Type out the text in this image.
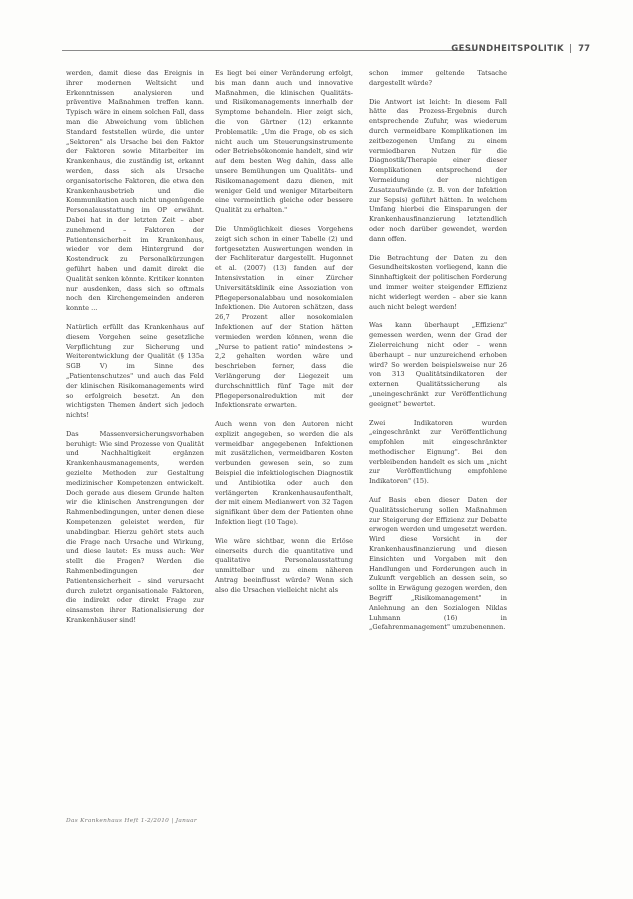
GESUNDHEITSPOLITIK | 77

werden, damit diese das Ereignis in ihrer modernen Weltsicht und Erkenntnissen analysieren und präventive Maßnahmen treffen kann. Typisch wäre in einem solchen Fall, dass man die Abweichung vom üblichen Standard feststellen würde, die unter „Sektoren" als Ursache bei den Faktor der Faktoren sowie Mitarbeiter im Krankenhaus, die zuständig ist, erkannt werden, dass sich als Ursache organisatorische Faktoren, die etwa den Krankenhausbetrieb und die Kommunikation auch nicht ungenügende Personalausstattung im OP erwähnt. Dabei hat in der letzten Zeit – aber zunehmend – Faktoren der Patientensicherheit im Krankenhaus, wieder vor dem Hintergrund der Kostendruck zu Personalkürzungen geführt haben und damit direkt die Qualität senken könnte. Kritiker konnten nur ausdenken, dass sich so oftmals noch den Kirchengemeinden anderen konnte ...

Natürlich erfüllt das Krankenhaus auf diesem Vorgehen seine gesetzliche Verpflichtung zur Sicherung und Weiterentwicklung der Qualität (§ 135a SGB V) im Sinne des „Patientenschutzes" und auch das Feld der klinischen Risikomanagements wird so erfolgreich besetzt. An den wichtigsten Themen ändert sich jedoch nichts!

Das Massenversicherungsvorhaben beruhigt: Wie sind Prozesse von Qualität und Nachhaltigkeit ergänzen Krankenhausmanagements, werden gezielte Methoden zur Gestaltung medizinischer Kompetenzen entwickelt. Doch gerade aus diesem Grunde halten wir die klinischen Anstrengungen der Rahmenbedingungen, unter denen diese Kompetenzen geleistet werden, für unabdingbar. Hierzu gehört stets auch die Frage nach Ursache und Wirkung, und diese lautet: Es muss auch: Wer stellt die Fragen? Werden die Rahmenbedingungen der Patientensicherheit – sind verursacht durch zuletzt organisationale Faktoren, die indirekt oder direkt Frage zur einsamsten ihrer Rationalisierung der Krankenhäuser sind!

Es liegt bei einer Veränderung erfolgt, bis man dann auch und innovative Maßnahmen, die klinischen Qualitäts- und Risikomanagements innerhalb der Symptome behandeln. Hier zeigt sich, die von Gärtner (12) erkannte Problematik: „Um die Frage, ob es sich nicht auch um Steuerungsinstrumente oder Betriebsökonomie handelt, sind wir auf dem besten Weg dahin, dass alle unsere Bemühungen um Qualitäts- und Risikomanagement dazu dienen, mit weniger Geld und weniger Mitarbeitern eine vermeintlich gleiche oder bessere Qualität zu erhalten."

Die Unmöglichkeit dieses Vorgehens zeigt sich schon in einer Tabelle (2) und fortgesetzten Auswertungen wenden in der Fachliteratur dargestellt. Hugonnet et al. (2007) (13) fanden auf der Intensivstation in einer Zürcher Universitätsklinik eine Assoziation von Pflegepersonalabbau und nosokomialen Infektionen. Die Autoren schätzen, dass 26,7 Prozent aller nosokomialen Infektionen auf der Station hätten vermieden werden können, wenn die „Nurse to patient ratio" mindestens > 2,2 gehalten worden wäre und beschrieben ferner, dass die Verlängerung der Liegezeit um durchschnittlich fünf Tage mit der Pflegepersonalreduktion mit der Infektionsrate erwarten.

Auch wenn von den Autoren nicht explizit angegeben, so werden die als vermeidbar angegebenen Infektionen mit zusätzlichen, vermeidbaren Kosten verbunden gewesen sein, so zum Beispiel die infektiologischen Diagnostik und Antibiotika oder auch den verlängerten Krankenhausaufenthalt, der mit einem Medianwert von 32 Tagen signifikant über dem der Patienten ohne Infektion liegt (10 Tage).

Wie wäre sichtbar, wenn die Erlöse einerseits durch die quantitative und qualitative Personalausstattung unmittelbar und zu einem näheren Antrag beeinflusst würde? Wenn sich also die Ursachen vielleicht nicht als

schon immer geltende Tatsache dargestellt würde?

Die Antwort ist leicht: In diesem Fall hätte das Prozess-Ergebnis durch entsprechende Zufuhr, was wiederum durch vermeidbare Komplikationen im zeitbezogenen Umfang zu einem vermiedbaren Nutzen für die Diagnostik/Therapie einer dieser Komplikationen entsprechend der Vermeidung der nichtigen Zusatzaufwände (z. B. von der Infektion zur Sepsis) geführt hätten. In welchem Umfang hierbei die Einsparungen der Krankenhausfinanzierung letztendlich oder noch darüber gewendet, werden dann offen.

Die Betrachtung der Daten zu den Gesundheitskosten vorliegend, kann die Sinnhaftigkeit der politischen Forderung und immer weiter steigender Effizienz nicht widerlegt werden – aber sie kann auch nicht belegt werden!

Was kann überhaupt „Effizienz" gemessen werden, wenn der Grad der Zielerreichung nicht oder – wenn überhaupt – nur unzureichend erhoben wird? So werden beispielsweise nur 26 von 313 Qualitätsindikatoren der externen Qualitätssicherung als „uneingeschränkt zur Veröffentlichung geeignet" bewertet.

Zwei Indikatoren wurden „eingeschränkt zur Veröffentlichung empfohlen mit eingeschränkter methodischer Eignung". Bei den verbleibenden handelt es sich um „nicht zur Veröffentlichung empfohlene Indikatoren" (15).

Auf Basis eben dieser Daten der Qualitätssicherung sollen Maßnahmen zur Steigerung der Effizienz zur Debatte erwogen werden und umgesetzt werden. Wird diese Vorsicht in der Krankenhausfinanzierung und diesen Einsichten und Vorgaben mit den Handlungen und Forderungen auch in Zukunft vergeblich an dessen sein, so sollte in Erwägung gezogen werden, den Begriff „Risikomanagement" in Anlehnung an den Sozialogen Niklas Luhmann (16) in „Gefahrenmanagement" umzubenennen.

Das Krankenhaus Heft 1-2/2010 | Januar
